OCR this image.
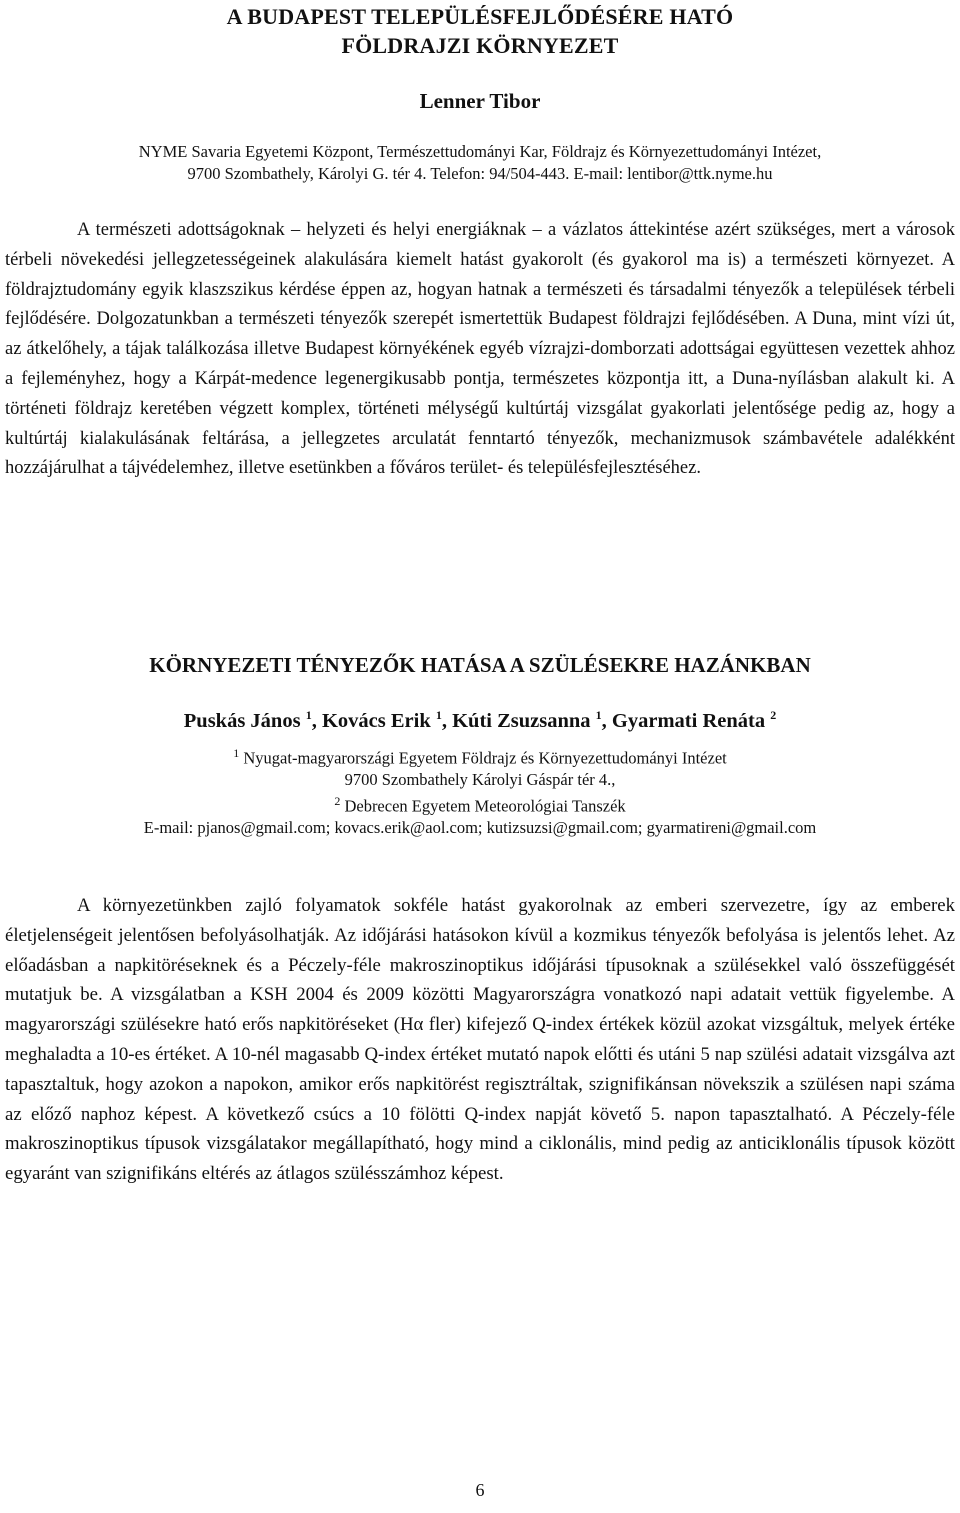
A BUDAPEST TELEPÜLÉSFEJLŐDÉSÉRE HATÓ
FÖLDRAJZI KÖRNYEZET
Lenner Tibor
NYME Savaria Egyetemi Központ, Természettudományi Kar, Földrajz és Környezettudományi Intézet,
9700 Szombathely, Károlyi G. tér 4. Telefon: 94/504-443. E-mail: lentibor@ttk.nyme.hu
A természeti adottságoknak ‒ helyzeti és helyi energiáknak ‒ a vázlatos áttekintése azért szükséges, mert a városok térbeli növekedési jellegzetességeinek alakulására kiemelt hatást gyakorolt (és gyakorol ma is) a természeti környezet. A földrajztudomány egyik klaszszikus kérdése éppen az, hogyan hatnak a természeti és társadalmi tényezők a települések térbeli fejlődésére. Dolgozatunkban a természeti tényezők szerepét ismertettük Budapest földrajzi fejlődésében. A Duna, mint vízi út, az átkelőhely, a tájak találkozása illetve Budapest környékének egyéb vízrajzi-domborzati adottságai együttesen vezettek ahhoz a fejleményhez, hogy a Kárpát-medence legenergikusabb pontja, természetes központja itt, a Duna-nyílásban alakult ki. A történeti földrajz keretében végzett komplex, történeti mélységű kultúrtáj vizsgálat gyakorlati jelentősége pedig az, hogy a kultúrtáj kialakulásának feltárása, a jellegzetes arculatát fenntartó tényezők, mechanizmusok számbavétele adalékként hozzájárulhat a tájvédelemhez, illetve esetünkben a főváros terület- és településfejlesztéséhez.
KÖRNYEZETI TÉNYEZŐK HATÁSA A SZÜLÉSEKRE HAZÁNKBAN
Puskás János $^1$, Kovács Erik $^1$, Kúti Zsuzsanna $^1$, Gyarmati Renáta $^2$
$^1$ Nyugat-magyarországi Egyetem Földrajz és Környezettudományi Intézet
9700 Szombathely Károlyi Gáspár tér 4.,
$^2$ Debrecen Egyetem Meteorológiai Tanszék
E-mail: pjanos@gmail.com; kovacs.erik@aol.com; kutizsuzsi@gmail.com; gyarmatireni@gmail.com
A környezetünkben zajló folyamatok sokféle hatást gyakorolnak az emberi szervezetre, így az emberek életjelenségeit jelentősen befolyásolhatják. Az időjárási hatásokon kívül a kozmikus tényezők befolyása is jelentős lehet. Az előadásban a napkitöréseknek és a Péczely-féle makroszinoptikus időjárási típusoknak a szülésekkel való összefüggését mutatjuk be. A vizsgálatban a KSH 2004 és 2009 közötti Magyarországra vonatkozó napi adatait vettük figyelembe. A magyarországi szülésekre ható erős napkitöréseket (Hα fler) kifejező Q-index értékek közül azokat vizsgáltuk, melyek értéke meghaladta a 10-es értéket. A 10-nél magasabb Q-index értéket mutató napok előtti és utáni 5 nap szülési adatait vizsgálva azt tapasztaltuk, hogy azokon a napokon, amikor erős napkitörést regisztráltak, szignifikánsan növekszik a szülésen napi száma az előző naphoz képest. A következő csúcs a 10 fölötti Q-index napját követő 5. napon tapasztalható. A Péczely-féle makroszinoptikus típusok vizsgálatakor megállapítható, hogy mind a ciklonális, mind pedig az anticiklonális típusok között egyaránt van szignifikáns eltérés az átlagos szülésszámhoz képest.
6
